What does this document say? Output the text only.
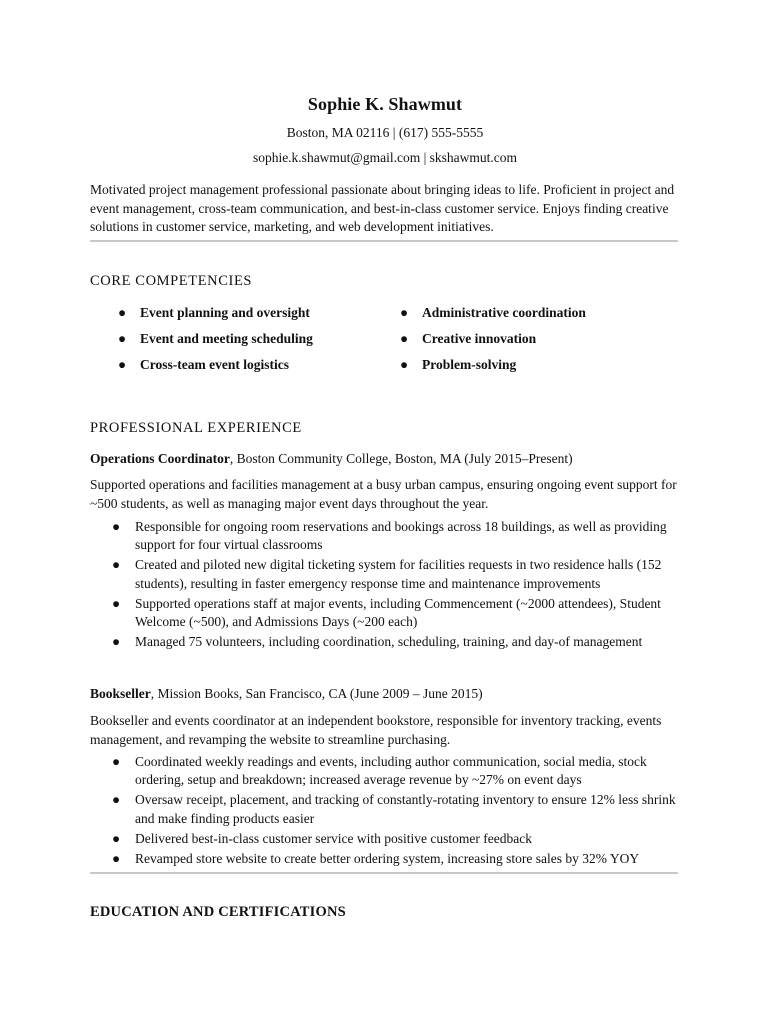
Sophie K. Shawmut
Boston, MA 02116 | (617) 555-5555
sophie.k.shawmut@gmail.com | skshawmut.com
Motivated project management professional passionate about bringing ideas to life. Proficient in project and event management, cross-team communication, and best-in-class customer service. Enjoys finding creative solutions in customer service, marketing, and web development initiatives.
CORE COMPETENCIES
● Event planning and oversight
● Event and meeting scheduling
● Cross-team event logistics
● Administrative coordination
● Creative innovation
● Problem-solving
PROFESSIONAL EXPERIENCE
Operations Coordinator, Boston Community College, Boston, MA (July 2015–Present)
Supported operations and facilities management at a busy urban campus, ensuring ongoing event support for ~500 students, as well as managing major event days throughout the year.
● Responsible for ongoing room reservations and bookings across 18 buildings, as well as providing support for four virtual classrooms
● Created and piloted new digital ticketing system for facilities requests in two residence halls (152 students), resulting in faster emergency response time and maintenance improvements
● Supported operations staff at major events, including Commencement (~2000 attendees), Student Welcome (~500), and Admissions Days (~200 each)
● Managed 75 volunteers, including coordination, scheduling, training, and day-of management
Bookseller, Mission Books, San Francisco, CA (June 2009 – June 2015)
Bookseller and events coordinator at an independent bookstore, responsible for inventory tracking, events management, and revamping the website to streamline purchasing.
● Coordinated weekly readings and events, including author communication, social media, stock ordering, setup and breakdown; increased average revenue by ~27% on event days
● Oversaw receipt, placement, and tracking of constantly-rotating inventory to ensure 12% less shrink and make finding products easier
● Delivered best-in-class customer service with positive customer feedback
● Revamped store website to create better ordering system, increasing store sales by 32% YOY
EDUCATION AND CERTIFICATIONS
